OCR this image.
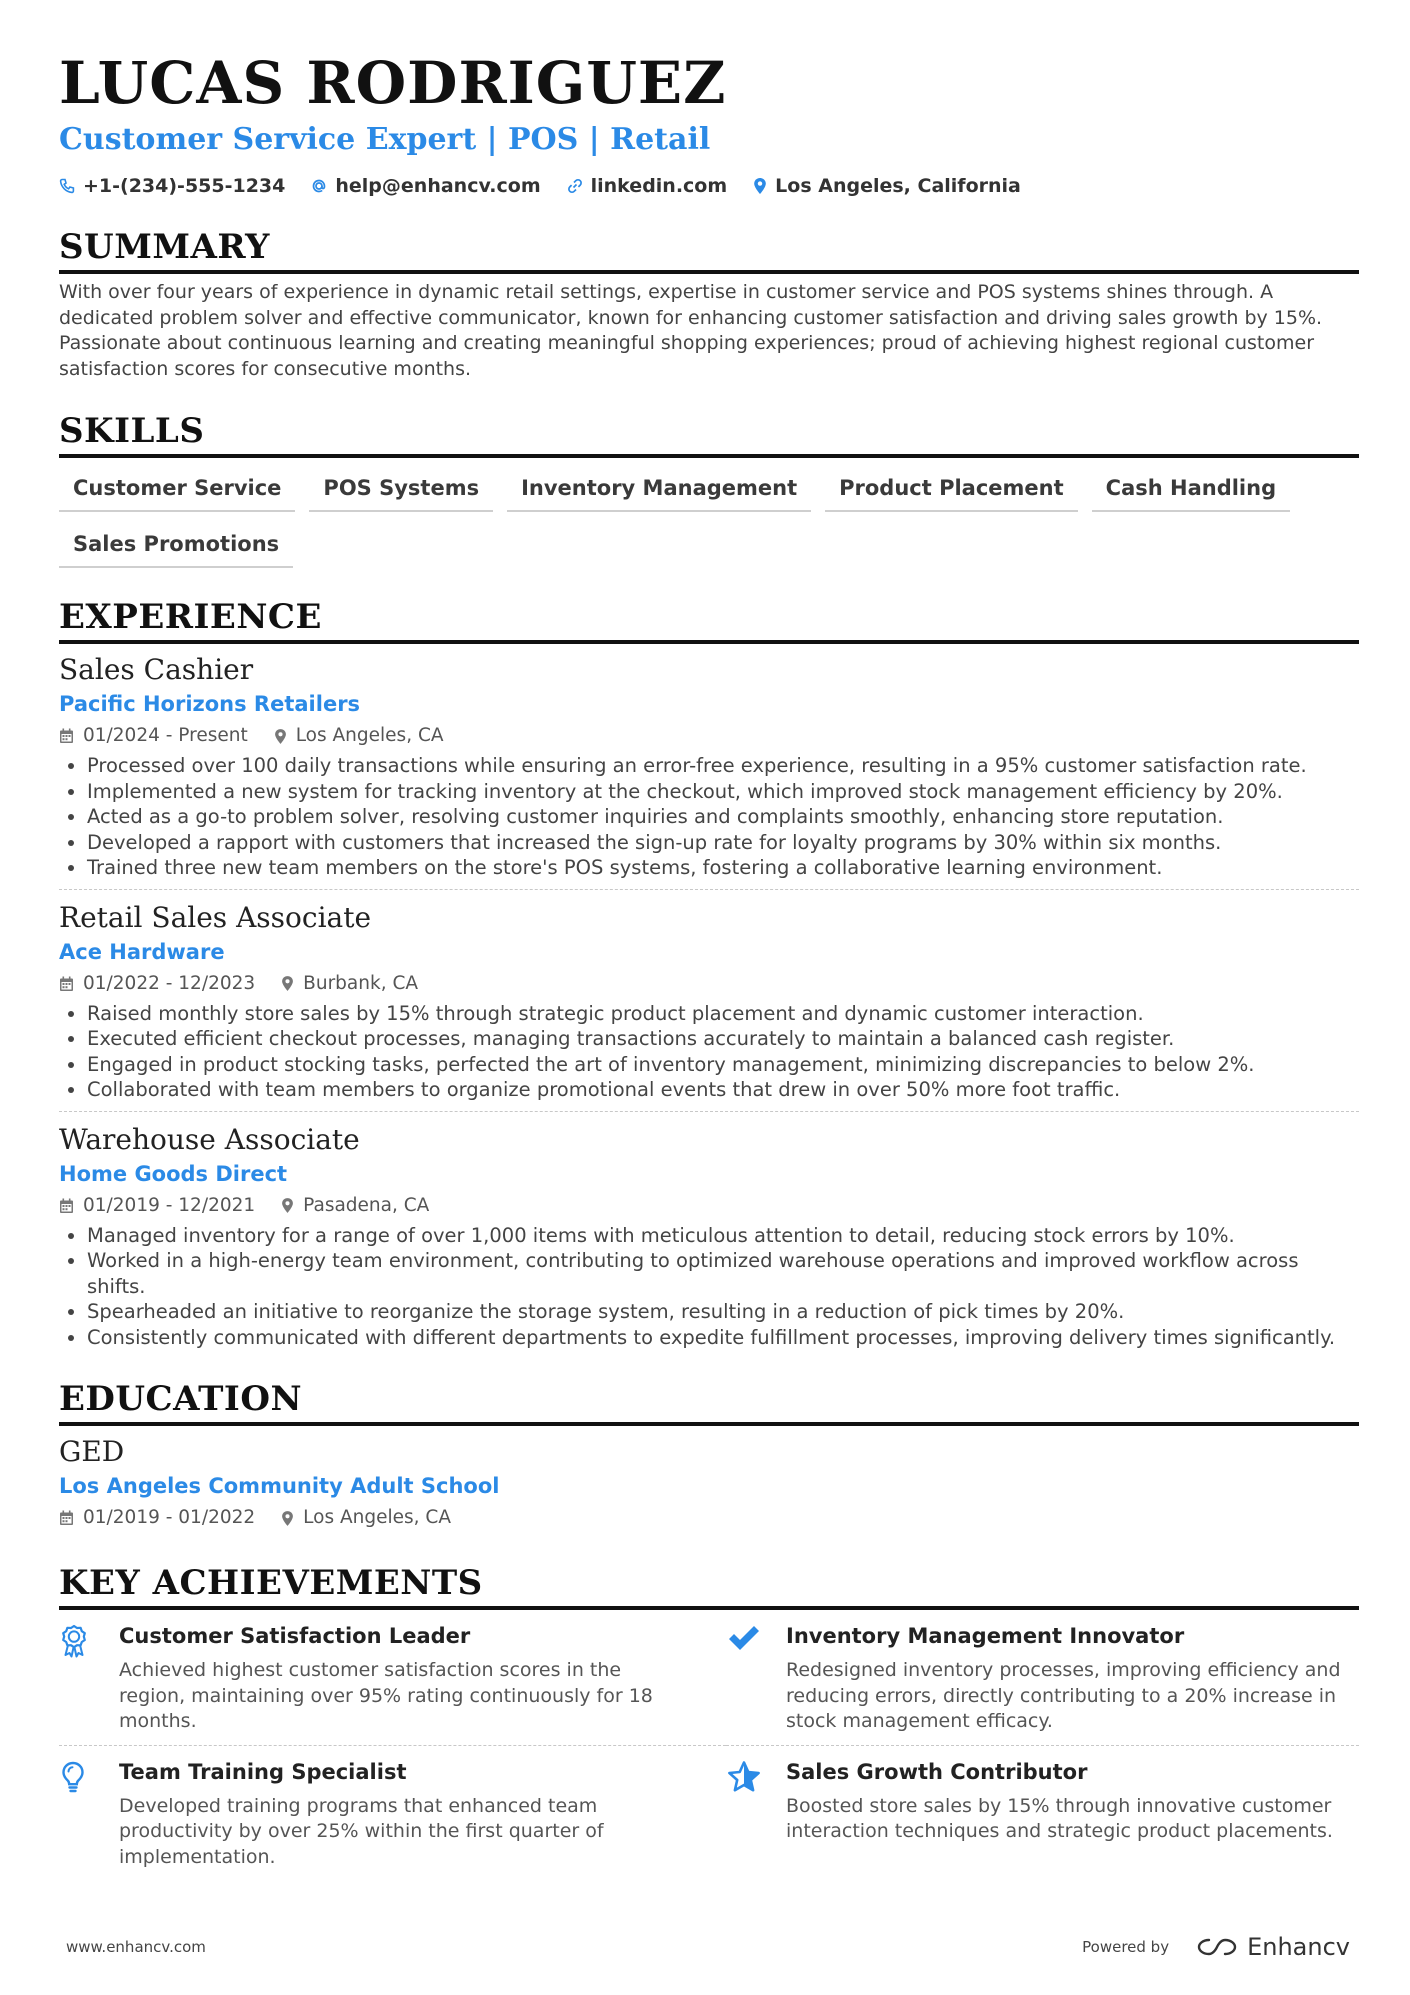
LUCAS RODRIGUEZ
Customer Service Expert | POS | Retail
+1-(234)-555-1234	help@enhancv.com	linkedin.com	Los Angeles, California
SUMMARY
With over four years of experience in dynamic retail settings, expertise in customer service and POS systems shines through. A dedicated problem solver and effective communicator, known for enhancing customer satisfaction and driving sales growth by 15%. Passionate about continuous learning and creating meaningful shopping experiences; proud of achieving highest regional customer satisfaction scores for consecutive months.
SKILLS
Customer Service	POS Systems	Inventory Management	Product Placement	Cash Handling
Sales Promotions
EXPERIENCE
Sales Cashier
Pacific Horizons Retailers
01/2024 - Present	Los Angeles, CA
• Processed over 100 daily transactions while ensuring an error-free experience, resulting in a 95% customer satisfaction rate.
• Implemented a new system for tracking inventory at the checkout, which improved stock management efficiency by 20%.
• Acted as a go-to problem solver, resolving customer inquiries and complaints smoothly, enhancing store reputation.
• Developed a rapport with customers that increased the sign-up rate for loyalty programs by 30% within six months.
• Trained three new team members on the store's POS systems, fostering a collaborative learning environment.
Retail Sales Associate
Ace Hardware
01/2022 - 12/2023	Burbank, CA
• Raised monthly store sales by 15% through strategic product placement and dynamic customer interaction.
• Executed efficient checkout processes, managing transactions accurately to maintain a balanced cash register.
• Engaged in product stocking tasks, perfected the art of inventory management, minimizing discrepancies to below 2%.
• Collaborated with team members to organize promotional events that drew in over 50% more foot traffic.
Warehouse Associate
Home Goods Direct
01/2019 - 12/2021	Pasadena, CA
• Managed inventory for a range of over 1,000 items with meticulous attention to detail, reducing stock errors by 10%.
• Worked in a high-energy team environment, contributing to optimized warehouse operations and improved workflow across shifts.
• Spearheaded an initiative to reorganize the storage system, resulting in a reduction of pick times by 20%.
• Consistently communicated with different departments to expedite fulfillment processes, improving delivery times significantly.
EDUCATION
GED
Los Angeles Community Adult School
01/2019 - 01/2022	Los Angeles, CA
KEY ACHIEVEMENTS
Customer Satisfaction Leader
Achieved highest customer satisfaction scores in the region, maintaining over 95% rating continuously for 18 months.
Inventory Management Innovator
Redesigned inventory processes, improving efficiency and reducing errors, directly contributing to a 20% increase in stock management efficacy.
Team Training Specialist
Developed training programs that enhanced team productivity by over 25% within the first quarter of implementation.
Sales Growth Contributor
Boosted store sales by 15% through innovative customer interaction techniques and strategic product placements.
www.enhancv.com	Powered by	Enhancv
